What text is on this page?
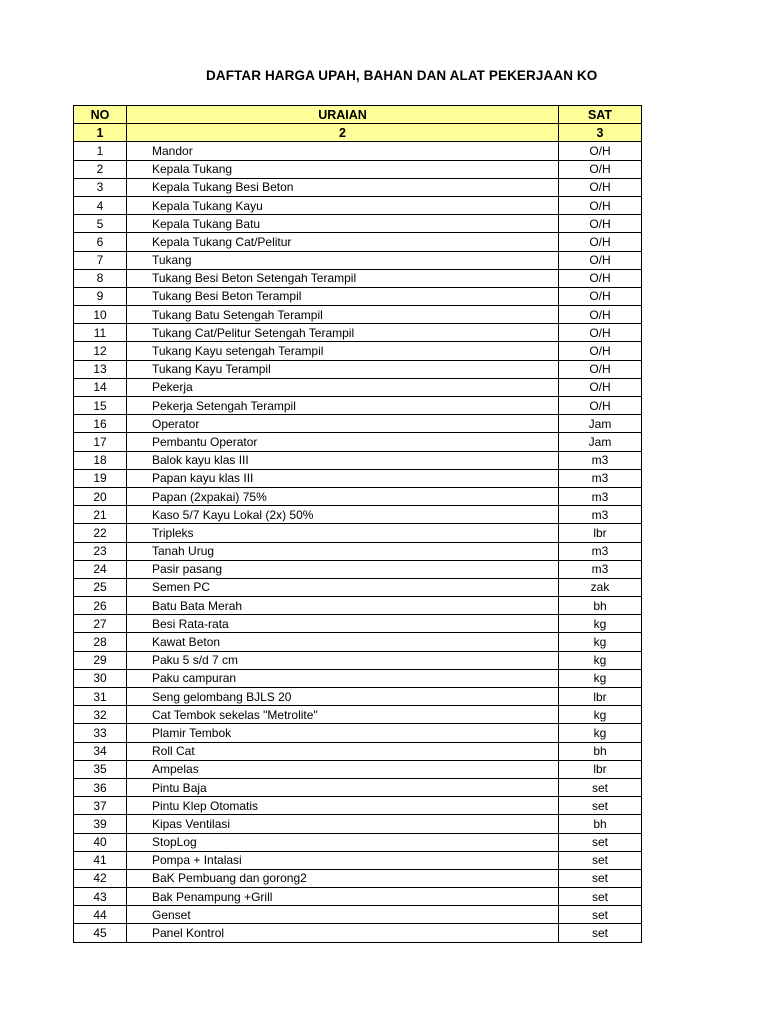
DAFTAR HARGA UPAH, BAHAN DAN ALAT PEKERJAAN KO
NO	URAIAN	SAT
1	2	3
1	Mandor	O/H
2	Kepala Tukang	O/H
3	Kepala Tukang Besi Beton	O/H
4	Kepala Tukang Kayu	O/H
5	Kepala Tukang Batu	O/H
6	Kepala Tukang Cat/Pelitur	O/H
7	Tukang	O/H
8	Tukang Besi Beton Setengah Terampil	O/H
9	Tukang Besi Beton Terampil	O/H
10	Tukang Batu Setengah Terampil	O/H
11	Tukang Cat/Pelitur Setengah Terampil	O/H
12	Tukang Kayu setengah Terampil	O/H
13	Tukang Kayu Terampil	O/H
14	Pekerja	O/H
15	Pekerja Setengah Terampil	O/H
16	Operator	Jam
17	Pembantu Operator	Jam
18	Balok kayu klas III	m3
19	Papan kayu klas III	m3
20	Papan (2xpakai) 75%	m3
21	Kaso 5/7 Kayu Lokal (2x) 50%	m3
22	Tripleks	lbr
23	Tanah Urug	m3
24	Pasir pasang	m3
25	Semen PC	zak
26	Batu Bata Merah	bh
27	Besi Rata-rata	kg
28	Kawat Beton	kg
29	Paku 5 s/d 7 cm	kg
30	Paku campuran	kg
31	Seng gelombang BJLS 20	lbr
32	Cat Tembok sekelas "Metrolite"	kg
33	Plamir Tembok	kg
34	Roll Cat	bh
35	Ampelas	lbr
36	Pintu Baja	set
37	Pintu Klep Otomatis	set
39	Kipas Ventilasi	bh
40	StopLog	set
41	Pompa + Intalasi	set
42	BaK Pembuang dan gorong2	set
43	Bak Penampung +Grill	set
44	Genset	set
45	Panel Kontrol	set
